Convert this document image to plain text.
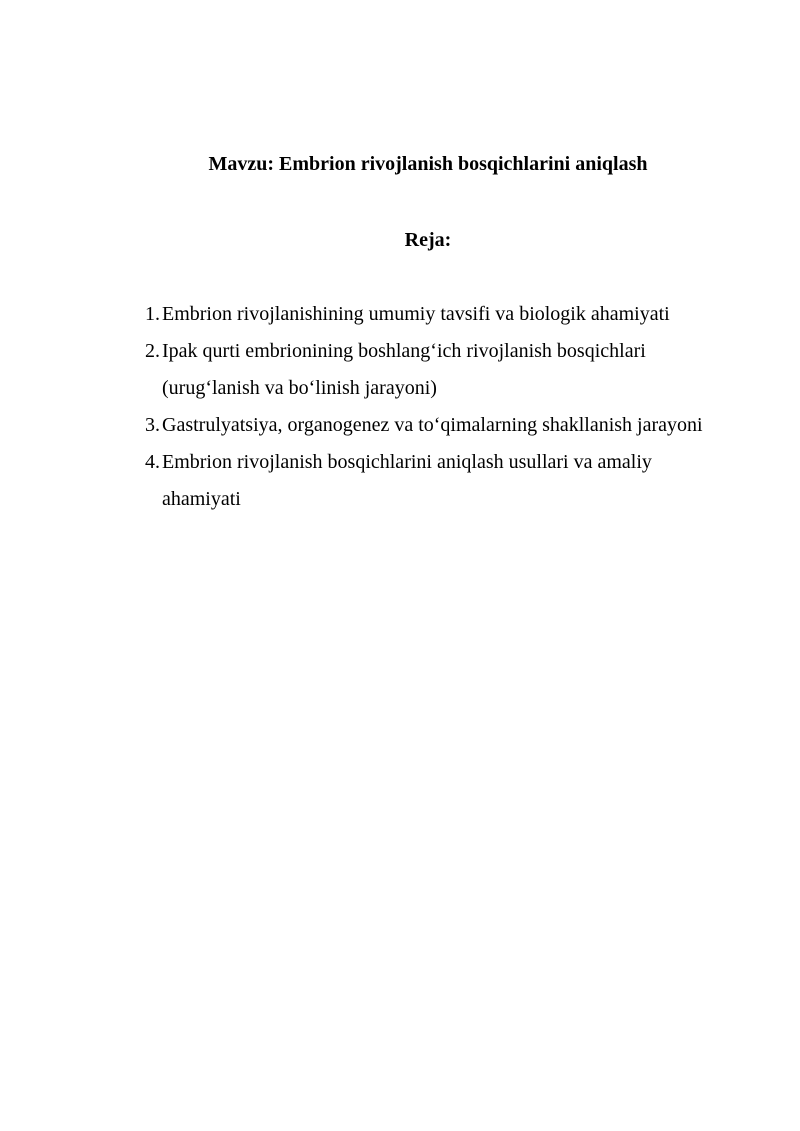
Mavzu: Embrion rivojlanish bosqichlarini aniqlash
Reja:
1. Embrion rivojlanishining umumiy tavsifi va biologik ahamiyati
2. Ipak qurti embrionining boshlang‘ich rivojlanish bosqichlari (urug‘lanish va bo‘linish jarayoni)
3. Gastrulyatsiya, organogenez va to‘qimalarning shakllanish jarayoni
4. Embrion rivojlanish bosqichlarini aniqlash usullari va amaliy ahamiyati
